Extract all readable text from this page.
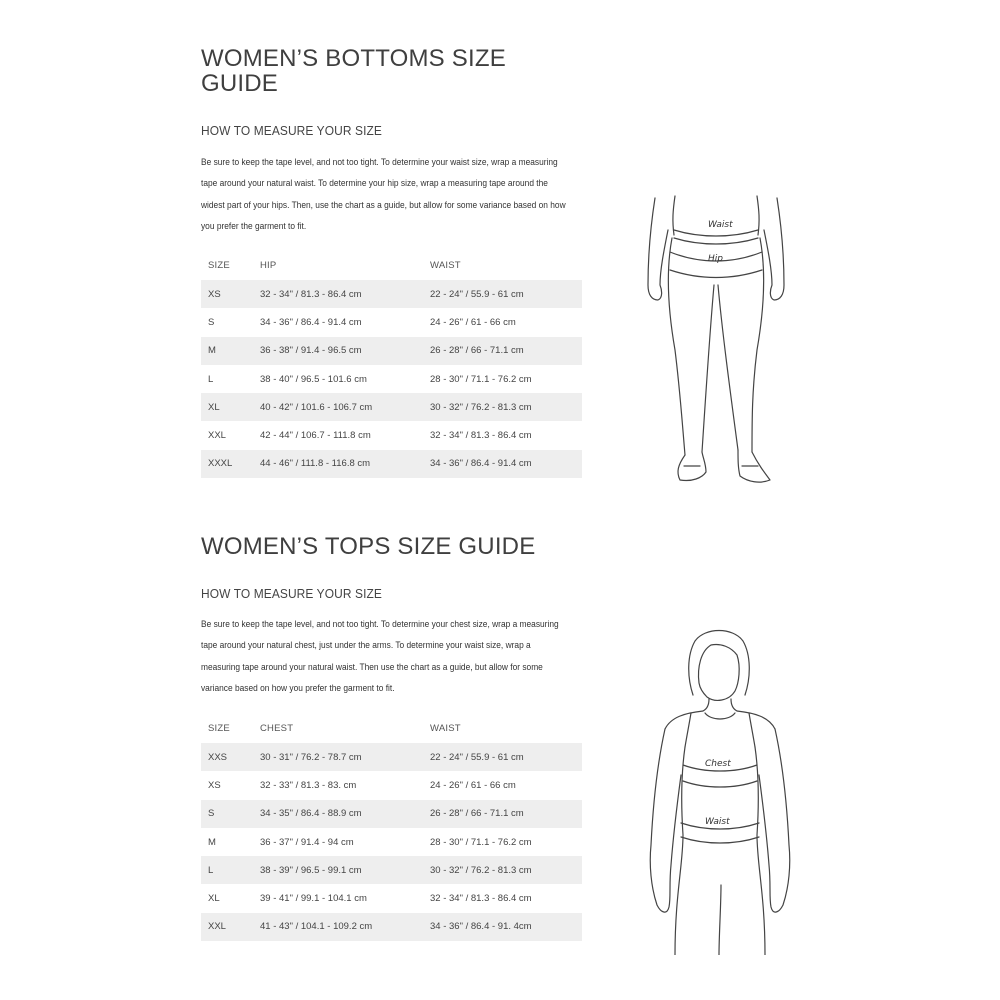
WOMEN’S BOTTOMS SIZE GUIDE
HOW TO MEASURE YOUR SIZE

Be sure to keep the tape level, and not too tight. To determine your waist size, wrap a measuring tape around your natural waist. To determine your hip size, wrap a measuring tape around the widest part of your hips. Then, use the chart as a guide, but allow for some variance based on how you prefer the garment to fit.

SIZE	HIP	WAIST
XS	32 - 34" / 81.3 - 86.4 cm	22 - 24" / 55.9 - 61 cm
S	34 - 36" / 86.4 - 91.4 cm	24 - 26" / 61 - 66 cm
M	36 - 38" / 91.4 - 96.5 cm	26 - 28" / 66 - 71.1 cm
L	38 - 40" / 96.5 - 101.6 cm	28 - 30" / 71.1 - 76.2 cm
XL	40 - 42" / 101.6 - 106.7 cm	30 - 32" / 76.2 - 81.3 cm
XXL	42 - 44" / 106.7 - 111.8 cm	32 - 34" / 81.3 - 86.4 cm
XXXL	44 - 46" / 111.8 - 116.8 cm	34 - 36" / 86.4 - 91.4 cm
Waist
Hip
WOMEN’S TOPS SIZE GUIDE
HOW TO MEASURE YOUR SIZE

Be sure to keep the tape level, and not too tight. To determine your chest size, wrap a measuring tape around your natural chest, just under the arms. To determine your waist size, wrap a measuring tape around your natural waist. Then use the chart as a guide, but allow for some variance based on how you prefer the garment to fit.

SIZE	CHEST	WAIST
XXS	30 - 31" / 76.2 - 78.7 cm	22 - 24" / 55.9 - 61 cm
XS	32 - 33" / 81.3 - 83. cm	24 - 26" / 61 - 66 cm
S	34 - 35" / 86.4 - 88.9 cm	26 - 28" / 66 - 71.1 cm
M	36 - 37" / 91.4 - 94 cm	28 - 30" / 71.1 - 76.2 cm
L	38 - 39" / 96.5 - 99.1 cm	30 - 32" / 76.2 - 81.3 cm
XL	39 - 41" / 99.1 - 104.1 cm	32 - 34" / 81.3 - 86.4 cm
XXL	41 - 43" / 104.1 - 109.2 cm	34 - 36" / 86.4 - 91. 4cm
Chest
Waist
